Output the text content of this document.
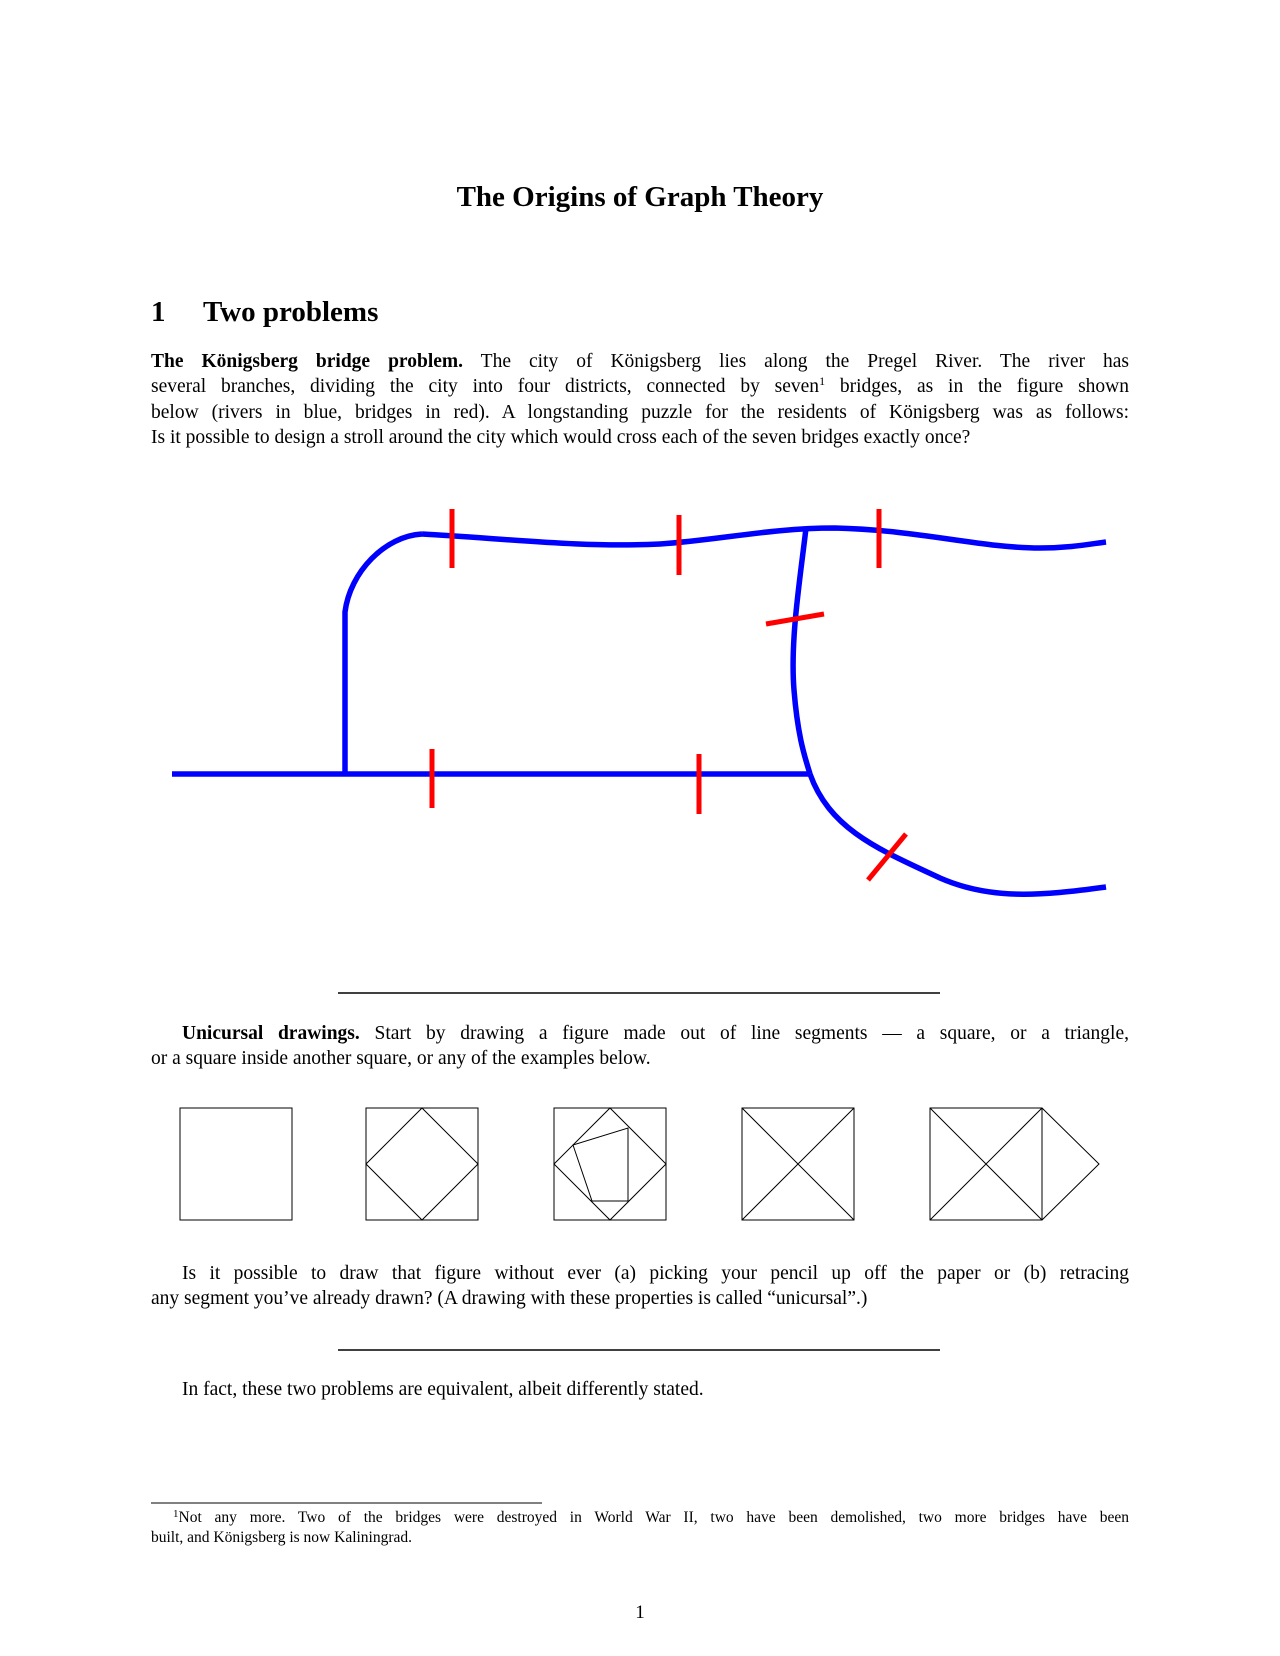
The Origins of Graph Theory
1 Two problems
The Königsberg bridge problem. The city of Königsberg lies along the Pregel River. The river has
several branches, dividing the city into four districts, connected by seven$^1$ bridges, as in the figure shown
below (rivers in blue, bridges in red). A longstanding puzzle for the residents of Königsberg was as follows:
Is it possible to design a stroll around the city which would cross each of the seven bridges exactly once?
Unicursal drawings. Start by drawing a figure made out of line segments — a square, or a triangle,
or a square inside another square, or any of the examples below.
Is it possible to draw that figure without ever (a) picking your pencil up off the paper or (b) retracing
any segment you’ve already drawn? (A drawing with these properties is called “unicursal”.)
In fact, these two problems are equivalent, albeit differently stated.
$^1$Not any more. Two of the bridges were destroyed in World War II, two have been demolished, two more bridges have been
built, and Königsberg is now Kaliningrad.
1
